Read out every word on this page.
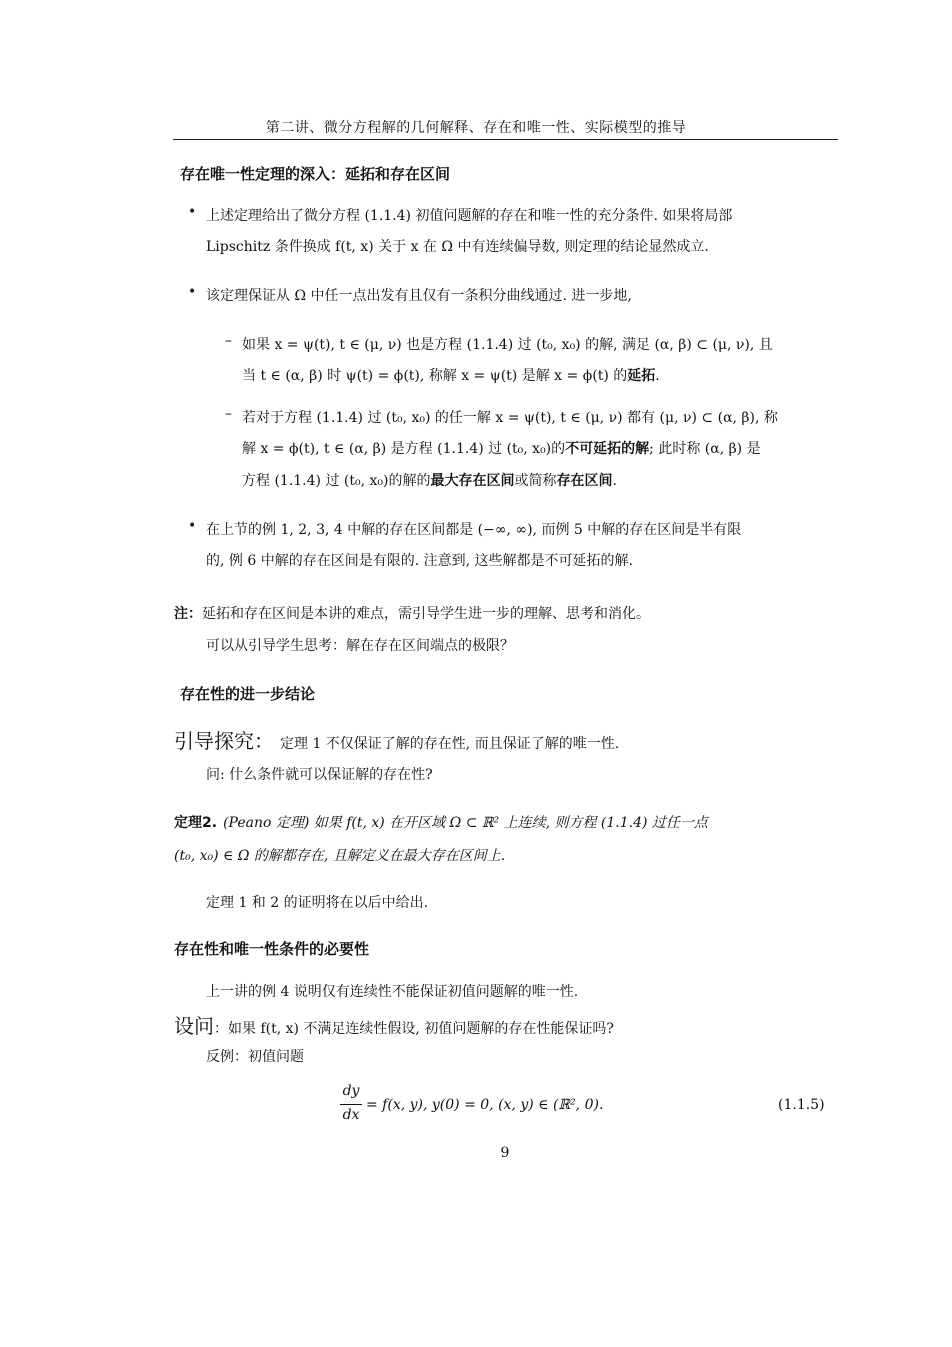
第二讲、微分方程解的几何解释、存在和唯一性、实际模型的推导
存在唯一性定理的深入：延拓和存在区间
• 上述定理给出了微分方程 (1.1.4) 初值问题解的存在和唯一性的充分条件. 如果将局部
Lipschitz 条件换成 f(t, x) 关于 x 在 Ω 中有连续偏导数, 则定理的结论显然成立.
• 该定理保证从 Ω 中任一点出发有且仅有一条积分曲线通过. 进一步地,
– 如果 x = ψ(t), t ∈ (μ, ν) 也是方程 (1.1.4) 过 (t₀, x₀) 的解, 满足 (α, β) ⊂ (μ, ν), 且
当 t ∈ (α, β) 时 ψ(t) = ϕ(t), 称解 x = ψ(t) 是解 x = ϕ(t) 的延拓.
– 若对于方程 (1.1.4) 过 (t₀, x₀) 的任一解 x = ψ(t), t ∈ (μ, ν) 都有 (μ, ν) ⊂ (α, β), 称
解 x = ϕ(t), t ∈ (α, β) 是方程 (1.1.4) 过 (t₀, x₀)的不可延拓的解; 此时称 (α, β) 是
方程 (1.1.4) 过 (t₀, x₀)的解的最大存在区间或简称存在区间.
• 在上节的例 1, 2, 3, 4 中解的存在区间都是 (−∞, ∞), 而例 5 中解的存在区间是半有限
的, 例 6 中解的存在区间是有限的. 注意到, 这些解都是不可延拓的解.
注：延拓和存在区间是本讲的难点，需引导学生进一步的理解、思考和消化。
可以从引导学生思考：解在存在区间端点的极限？
存在性的进一步结论
引导探究： 定理 1 不仅保证了解的存在性, 而且保证了解的唯一性.
问: 什么条件就可以保证解的存在性?
定理2. (Peano 定理) 如果 f(t, x) 在开区域 Ω ⊂ ℝ² 上连续, 则方程 (1.1.4) 过任一点
(t₀, x₀) ∈ Ω 的解都存在, 且解定义在最大存在区间上.
定理 1 和 2 的证明将在以后中给出.
存在性和唯一性条件的必要性
上一讲的例 4 说明仅有连续性不能保证初值问题解的唯一性.
设问：如果 f(t, x) 不满足连续性假设, 初值问题解的存在性能保证吗?
反例：初值问题
dy
dx
= f(x, y), y(0) = 0, (x, y) ∈ (ℝ², 0).	(1.1.5)
9
